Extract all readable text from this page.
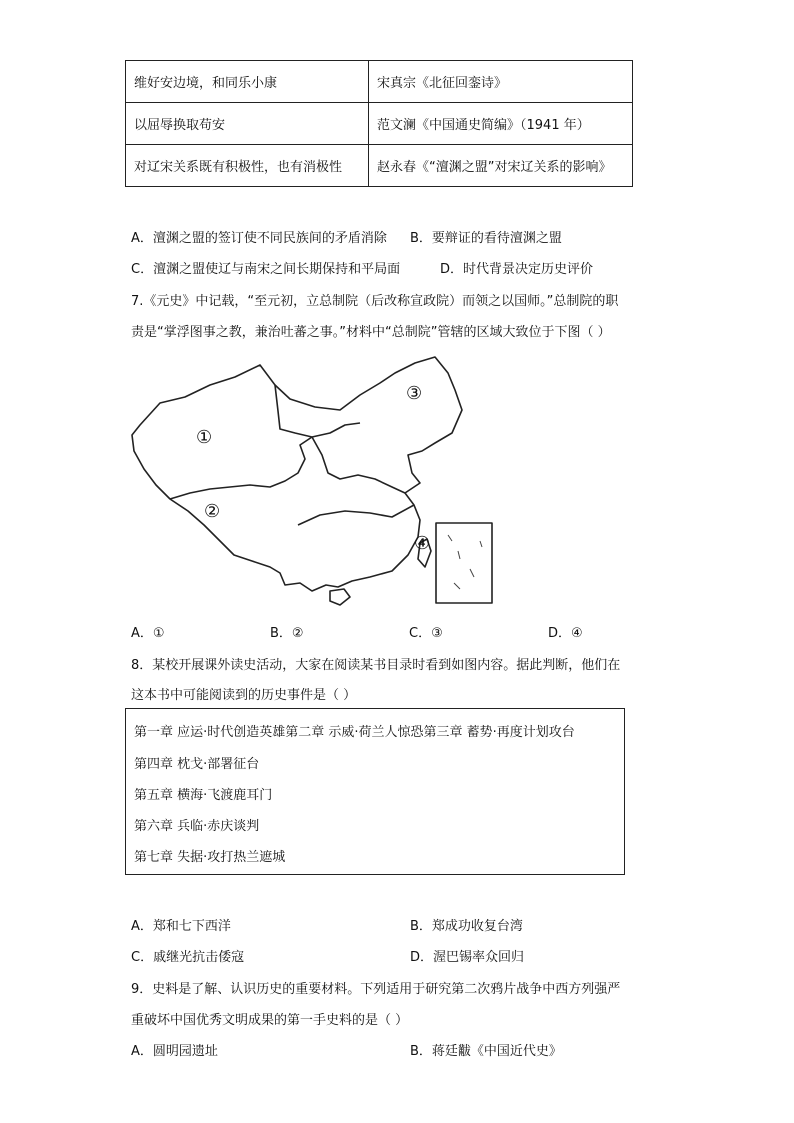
维好安边境，和同乐小康	宋真宗《北征回銮诗》
以屈辱换取苟安	范文澜《中国通史简编》（1941 年）
对辽宋关系既有积极性，也有消极性	赵永春《“澶渊之盟”对宋辽关系的影响》
A．澶渊之盟的签订使不同民族间的矛盾消除 B．要辩证的看待澶渊之盟
C．澶渊之盟使辽与南宋之间长期保持和平局面	D．时代背景决定历史评价
7.《元史》中记载，“至元初，立总制院（后改称宣政院）而领之以国师。”总制院的职
责是“掌浮图事之教，兼治吐蕃之事。”材料中“总制院”管辖的区域大致位于下图（ ）
①
②
③
④
A．①	B．②	C．③	D．④
8．某校开展课外读史活动，大家在阅读某书目录时看到如图内容。据此判断，他们在
这本书中可能阅读到的历史事件是（ ）
第一章 应运·时代创造英雄第二章 示威·荷兰人惊恐第三章 蓄势·再度计划攻台
第四章 枕戈·部署征台
第五章 横海·飞渡鹿耳门
第六章 兵临·赤庆谈判
第七章 失据·攻打热兰遮城
A．郑和七下西洋	B．郑成功收复台湾
C．戚继光抗击倭寇	D．渥巴锡率众回归
9．史料是了解、认识历史的重要材料。下列适用于研究第二次鸦片战争中西方列强严
重破坏中国优秀文明成果的第一手史料的是（ ）
A．圆明园遗址	B．蒋廷黻《中国近代史》
